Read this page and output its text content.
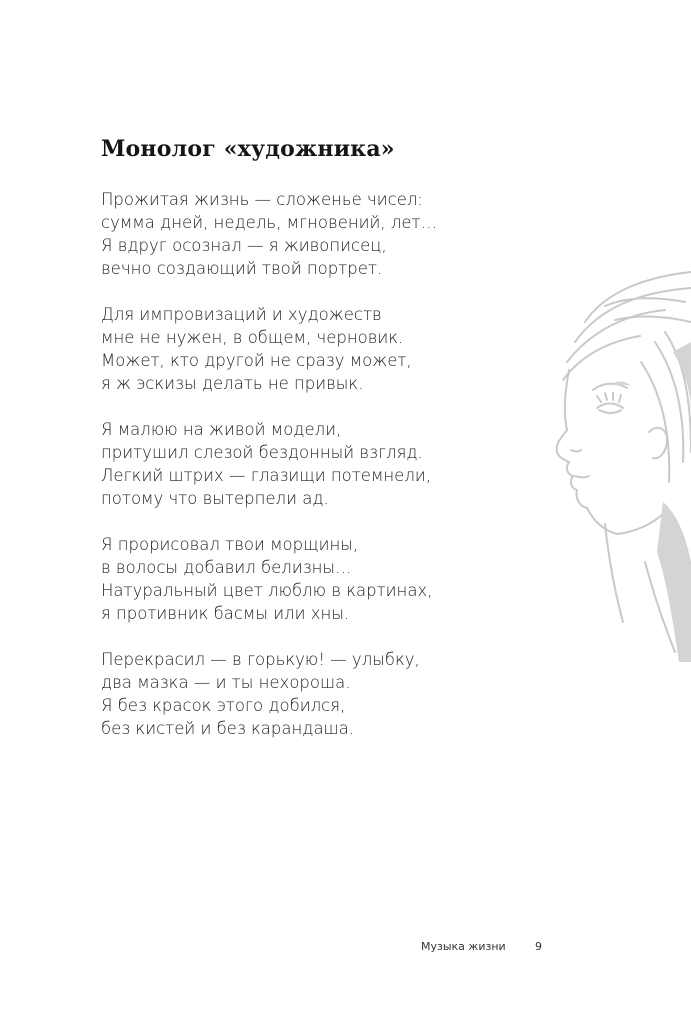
Монолог «художника»
Прожитая жизнь — сложенье чисел:
сумма дней, недель, мгновений, лет…
Я вдруг осознал — я живописец,
вечно создающий твой портрет.
Для импровизаций и художеств
мне не нужен, в общем, черновик.
Может, кто другой не сразу может,
я ж эскизы делать не привык.
Я малюю на живой модели,
притушил слезой бездонный взгляд.
Легкий штрих — глазищи потемнели,
потому что вытерпели ад.
Я прорисовал твои морщины,
в волосы добавил белизны…
Натуральный цвет люблю в картинах,
я противник басмы или хны.
Перекрасил — в горькую! — улыбку,
два мазка — и ты нехороша.
Я без красок этого добился,
без кистей и без карандаша.
Музыка жизни	9
